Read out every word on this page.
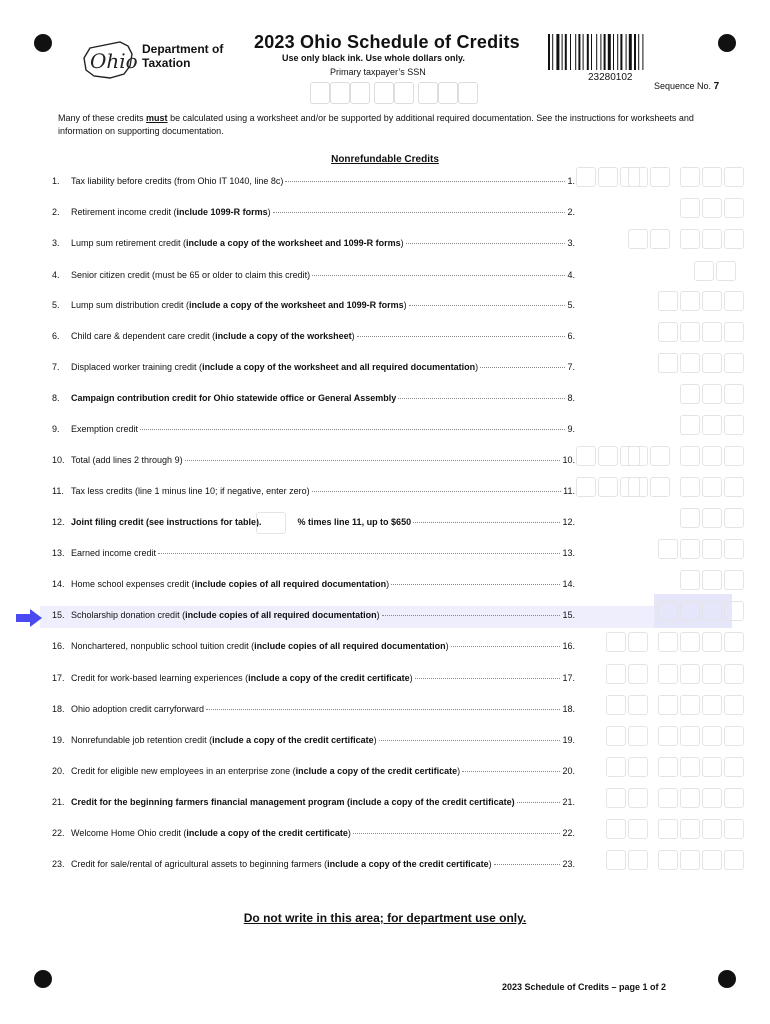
Ohio Department of
Taxation
2023 Ohio Schedule of Credits
Use only black ink. Use whole dollars only.
Primary taxpayer’s SSN	23280102
Sequence No. 7
Many of these credits must be calculated using a worksheet and/or be supported by additional required documentation. See the instructions for worksheets and information on supporting documentation.
Nonrefundable Credits
1.	Tax liability before credits (from Ohio IT 1040, line 8c)	1.
2.	Retirement income credit (include 1099-R forms)	2.
3.	Lump sum retirement credit (include a copy of the worksheet and 1099-R forms)	3.
4.	Senior citizen credit (must be 65 or older to claim this credit)	4.
5.	Lump sum distribution credit (include a copy of the worksheet and 1099-R forms)	5.
6.	Child care & dependent care credit (include a copy of the worksheet)	6.
7.	Displaced worker training credit (include a copy of the worksheet and all required documentation)	7.
8.	Campaign contribution credit for Ohio statewide office or General Assembly	8.
9.	Exemption credit	9.
10. Total (add lines 2 through 9)	10.
11. Tax less credits (line 1 minus line 10; if negative, enter zero)	11.
12. Joint filing credit (see instructions for table).	% times line 11, up to $650	12.
13. Earned income credit	13.
14. Home school expenses credit (include copies of all required documentation)	14.
15. Scholarship donation credit (include copies of all required documentation)	15.
16. Nonchartered, nonpublic school tuition credit (include copies of all required documentation)	16.
17. Credit for work-based learning experiences (include a copy of the credit certificate)	17.
18. Ohio adoption credit carryforward	18.
19. Nonrefundable job retention credit (include a copy of the credit certificate)	19.
20. Credit for eligible new employees in an enterprise zone (include a copy of the credit certificate)	20.
21. Credit for the beginning farmers financial management program (include a copy of the credit certificate)	21.
22. Welcome Home Ohio credit (include a copy of the credit certificate)	22.
23. Credit for sale/rental of agricultural assets to beginning farmers (include a copy of the credit certificate)	23.
Do not write in this area; for department use only.
2023 Schedule of Credits – page 1 of 2
